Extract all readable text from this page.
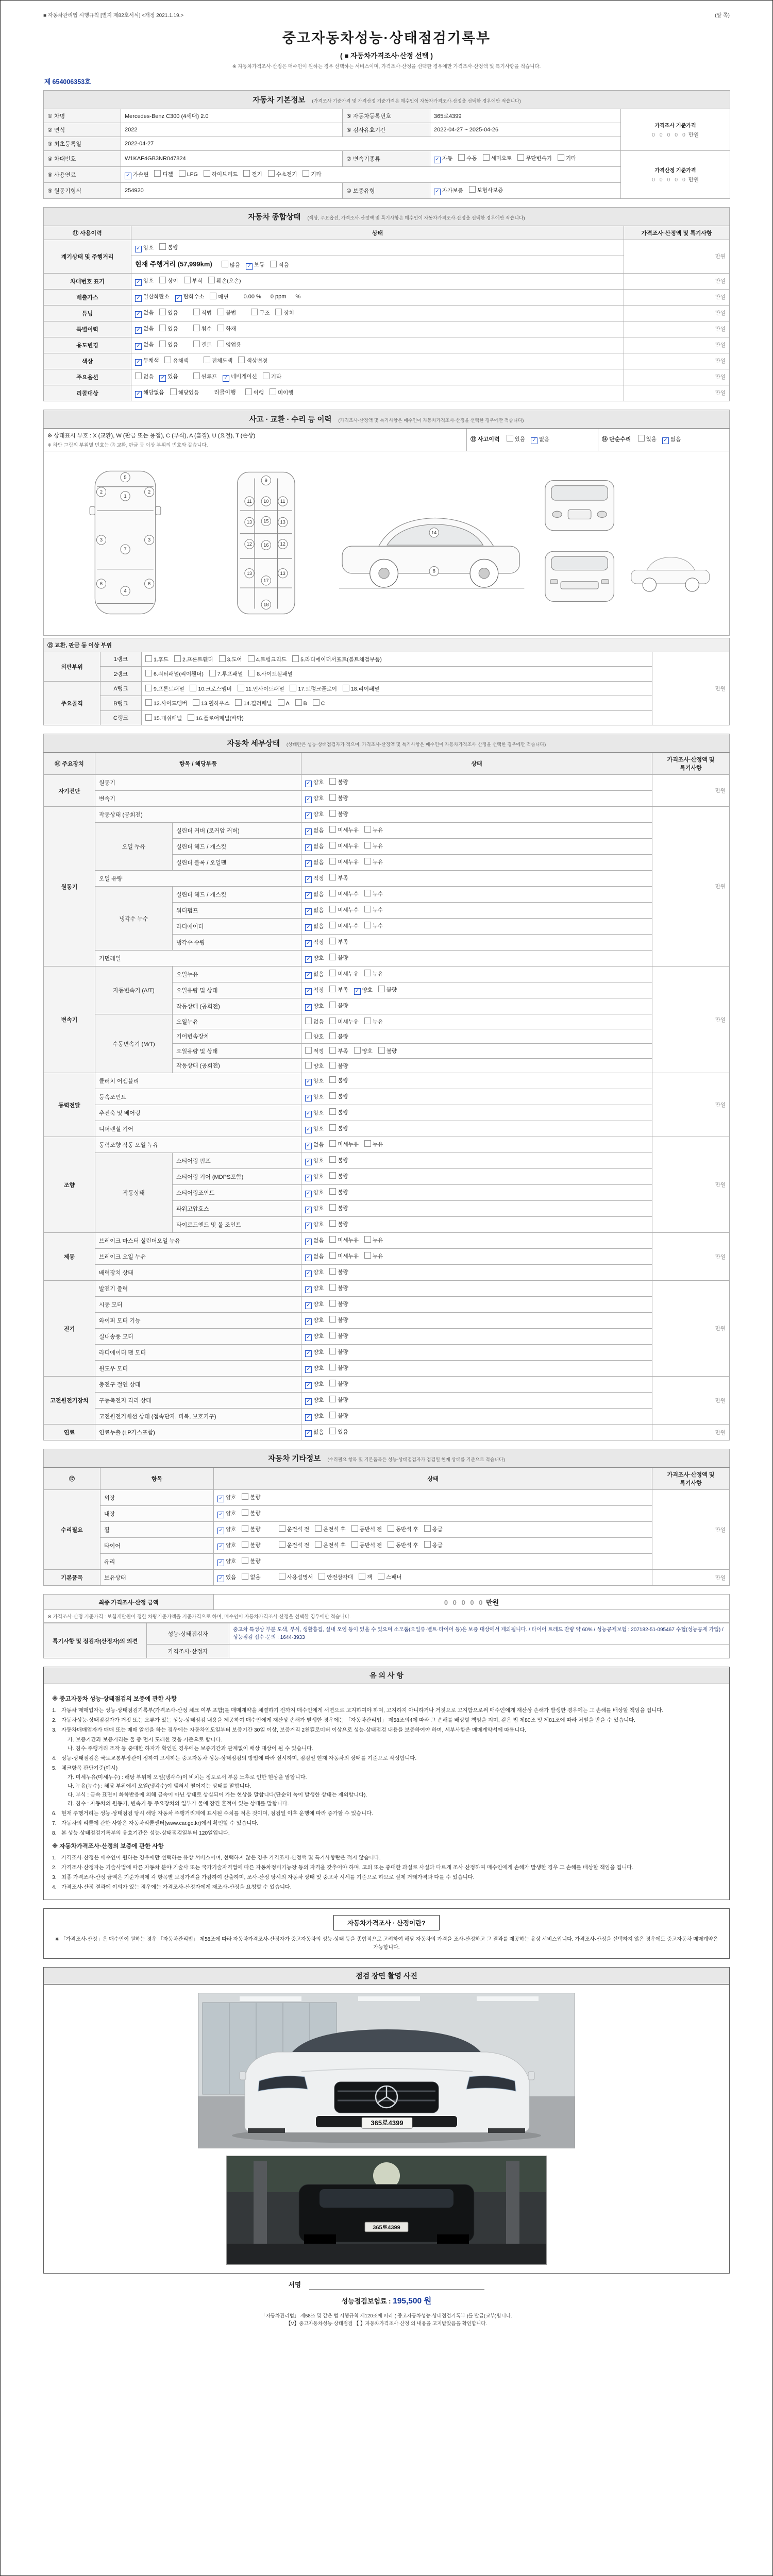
■ 자동차관리법 시행규칙 [별지 제82호서식] <개정 2021.1.19.>	(앞 쪽)
중고자동차성능·상태점검기록부
( ■ 자동차가격조사·산정 선택 )
※ 자동차가격조사·산정은 매수인이 원하는 경우 선택하는 서비스이며, 가격조사·산정을 선택한 경우에만 가격조사·산정액 및 특기사항을 적습니다.
제 654006353호
자동차 기본정보 (가격조사 기준가격 및 가격산정 기준가격은 매수인이 자동차가격조사·산정을 선택한 경우에만 적습니다)				
① 차명	Mercedes-Benz C300 (4세대) 2.0	⑤ 자동차등록번호	365로4399	가격조사 기준가격
0 0 0 0 0 만원

② 연식	2022	⑥ 검사유효기간	2022-04-27 ~ 2025-04-26	
③ 최초등록일	2022-04-27			
④ 차대번호	W1KAF4GB3NR047824	⑦ 변속기종류	✓ 자동 수동 세미오토 무단변속기 기타	가격산정 기준가격
0 0 0 0 0 만원

⑧ 사용연료	✓ 가솔린 디젤 LPG 하이브리드 전기 수소전기 기타			
⑨ 원동기형식	254920	⑩ 보증유형	✓ 자가보증 보험사보증	
자동차 종합상태 (색상, 주요옵션, 가격조사·산정액 및 특기사항은 매수인이 자동차가격조사·산정을 선택한 경우에만 적습니다)		
⑪ 사용이력	상태	가격조사·산정액 및 특기사항
계기상태 및 주행거리	✓ 양호 불량	만원
	현재 주행거리 (57,999km) 많음 ✓ 보통 적음	
차대번호 표기	✓ 양호 상이 부식 훼손(오손)	만원
배출가스	✓ 일산화탄소 ✓ 탄화수소 매연 0.00 % 0 ppm %	만원
튜닝	✓ 없음 있음 적법 불법 구조 장치	만원
특별이력	✓ 없음 있음 침수 화재	만원
용도변경	✓ 없음 있음 렌트 영업용	만원
색상	✓ 무채색 유채색 전체도색 색상변경	만원
주요옵션	없음 ✓ 있음 썬루프 ✓ 네비게이션 기타	만원
리콜대상	✓ 해당없음 해당있음 리콜이행 이행 미이행	만원
사고 · 교환 · 수리 등 이력 (가격조사·산정액 및 특기사항은 매수인이 자동차가격조사·산정을 선택한 경우에만 적습니다)

※ 상태표시 부호 : X (교환), W (판금 또는 용접), C (부식), A (흠집), U (요철), T (손상)
※ 하단 그림의 부위별 번호는 ⑮ 교환, 판금 등 이상 부위의 번호와 같습니다.
	⑬ 사고이력	있음 ✓ 없음	⑭ 단순수리	있음 ✓ 없음

1
2	2
3	3
4
5
6	6
7
8
9
10
11	11
12	12
13	13
13	13
14
15
16
17
18
⑮ 교환, 판금 등 이상 부위			
외판부위	1랭크	1.후드 2.프론트휀더 3.도어 4.트렁크리드 5.라디에이터서포트(볼트체결부품)	만원
	2랭크	6.쿼터패널(리어휀더) 7.루프패널 8.사이드실패널	
주요골격	A랭크	9.프론트패널 10.크로스멤버 11.인사이드패널 17.트렁크플로어 18.리어패널	
	B랭크	12.사이드멤버 13.휠하우스 14.필러패널 A B C	
	C랭크	15.대쉬패널 16.플로어패널(바닥)	
자동차 세부상태 (상태란은 성능·상태점검자가 적으며, 가격조사·산정액 및 특기사항은 매수인이 자동차가격조사·산정을 선택한 경우에만 적습니다)				
⑯ 주요장치	항목 / 해당부품		상태	가격조사·산정액 및 특기사항
자기진단	원동기		✓ 양호 불량	만원
	변속기		✓ 양호 불량	
원동기	작동상태 (공회전)		✓ 양호 불량	만원
	오일 누유	실린더 커버 (로커암 커버)	✓ 없음 미세누유 누유	
		실린더 헤드 / 개스킷	✓ 없음 미세누유 누유	
		실린더 블록 / 오일팬	✓ 없음 미세누유 누유	
	오일 유량		✓ 적정 부족	
	냉각수 누수	실린더 헤드 / 개스킷	✓ 없음 미세누수 누수	
		워터펌프	✓ 없음 미세누수 누수	
		라디에이터	✓ 없음 미세누수 누수	
		냉각수 수량	✓ 적정 부족	
	커먼레일		✓ 양호 불량	
변속기	자동변속기 (A/T)	오일누유	✓ 없음 미세누유 누유	만원
		오일유량 및 상태	✓ 적정 부족 ✓ 양호 불량	
		작동상태 (공회전)	✓ 양호 불량	
	수동변속기 (M/T)	오일누유	없음 미세누유 누유	
		기어변속장치	양호 불량	
		오일유량 및 상태	적정 부족 양호 불량	
		작동상태 (공회전)	양호 불량	
동력전달	클러치 어셈블리		✓ 양호 불량	만원
	등속조인트		✓ 양호 불량	
	추진축 및 베어링		✓ 양호 불량	
	디퍼렌셜 기어		✓ 양호 불량	
조향	동력조향 작동 오일 누유		✓ 없음 미세누유 누유	만원
	작동상태	스티어링 펌프	✓ 양호 불량	
		스티어링 기어 (MDPS포함)	✓ 양호 불량	
		스티어링조인트	✓ 양호 불량	
		파워고압호스	✓ 양호 불량	
		타이로드엔드 및 볼 조인트	✓ 양호 불량	
제동	브레이크 마스터 실린더오일 누유		✓ 없음 미세누유 누유	만원
	브레이크 오일 누유		✓ 없음 미세누유 누유	
	배력장치 상태		✓ 양호 불량	
전기	발전기 출력		✓ 양호 불량	만원
	시동 모터		✓ 양호 불량	
	와이퍼 모터 기능		✓ 양호 불량	
	실내송풍 모터		✓ 양호 불량	
	라디에이터 팬 모터		✓ 양호 불량	
	윈도우 모터		✓ 양호 불량	
고전원전기장치	충전구 절연 상태		✓ 양호 불량	만원
	구동축전지 격리 상태		✓ 양호 불량	
	고전원전기배선 상태 (접속단자, 피복, 보호기구)		✓ 양호 불량	
연료	연료누출 (LP가스포함)		✓ 없음 있음	만원
자동차 기타정보 (수리필요 항목 및 기본품목은 성능·상태점검자가 점검일 현재 상태를 기준으로 적습니다)			
⑰	항목	상태	가격조사·산정액 및 특기사항
수리필요	외장	✓ 양호 불량	만원
	내장	✓ 양호 불량	
	휠	✓ 양호 불량 운전석 전 운전석 후 동반석 전 동반석 후 응급	
	타이어	✓ 양호 불량 운전석 전 운전석 후 동반석 전 동반석 후 응급	
	유리	✓ 양호 불량	
기본품목	보유상태	✓ 있음 없음 사용설명서 안전삼각대 잭 스패너	만원
최종 가격조사·산정 금액	0 0 0 0 0 만원
※ 가격조사·산정 기준가격 : 보험개발원이 정한 차량기준가액을 기준가격으로 하며, 매수인이 자동차가격조사·산정을 선택한 경우에만 적습니다.
특기사항 및 점검자(산정자)의 의견	성능·상태점검자	중고차 특성상 부분 도색, 부식, 생활흠집, 실내 오염 등이 있을 수 있으며 소모품(오일류·벨트·타이어 등)은 보증 대상에서 제외됩니다. / 타이어 트레드 잔량 약 60% / 성능공제보험 : 207182-51-095467 수협(성능공제 가입) / 성능점검 접수·문의 : 1644-3933
	가격조사·산정자	
유 의 사 항
※ 중고자동차 성능·상태점검의 보증에 관한 사항
1. 자동차 매매업자는 성능·상태점검기록부(가격조사·산정 체크 여부 포함)를 매매계약을 체결하기 전까지 매수인에게 서면으로 고지하여야 하며, 고지하지 아니하거나 거짓으로 고지함으로써 매수인에게 재산상 손해가 발생한 경우에는 그 손해를 배상할 책임을 집니다.
2. 자동차성능·상태점검자가 거짓 또는 오류가 있는 성능·상태점검 내용을 제공하여 매수인에게 재산상 손해가 발생한 경우에는 「자동차관리법」 제58조의4에 따라 그 손해를 배상할 책임을 지며, 같은 법 제80조 및 제81조에 따라 처벌을 받을 수 있습니다.
3. 자동차매매업자가 매매 또는 매매 알선을 하는 경우에는 자동차인도일부터 보증기간 30일 이상, 보증거리 2천킬로미터 이상으로 성능·상태점검 내용을 보증하여야 하며, 세부사항은 매매계약서에 따릅니다.
가. 보증기간과 보증거리는 둘 중 먼저 도래한 것을 기준으로 합니다.
나. 침수·주행거리 조작 등 중대한 하자가 확인된 경우에는 보증기간과 관계없이 배상 대상이 될 수 있습니다.
4. 성능·상태점검은 국토교통부장관이 정하여 고시하는 중고자동차 성능·상태점검의 방법에 따라 실시하며, 점검일 현재 자동차의 상태를 기준으로 작성합니다.
5. 체크항목 판단기준(예시)
가. 미세누유(미세누수) : 해당 부위에 오일(냉각수)이 비치는 정도로서 부품 노후로 인한 현상을 말합니다.
나. 누유(누수) : 해당 부위에서 오일(냉각수)이 맺혀서 떨어지는 상태를 말합니다.
다. 부식 : 금속 표면이 화학반응에 의해 금속이 아닌 상태로 상실되어 가는 현상을 말합니다(단순히 녹이 발생한 상태는 제외합니다).
라. 침수 : 자동차의 원동기, 변속기 등 주요장치의 일부가 물에 잠긴 흔적이 있는 상태를 말합니다.
6. 현재 주행거리는 성능·상태점검 당시 해당 자동차 주행거리계에 표시된 수치를 적은 것이며, 점검일 이후 운행에 따라 증가할 수 있습니다.
7. 자동차의 리콜에 관한 사항은 자동차리콜센터(www.car.go.kr)에서 확인할 수 있습니다.
8. 본 성능·상태점검기록부의 유효기간은 성능·상태점검일부터 120일입니다.
※ 자동차가격조사·산정의 보증에 관한 사항
1. 가격조사·산정은 매수인이 원하는 경우에만 선택하는 유상 서비스이며, 선택하지 않은 경우 가격조사·산정액 및 특기사항란은 적지 않습니다.
2. 가격조사·산정자는 기술사법에 따른 자동차 분야 기술사 또는 국가기술자격법에 따른 자동차정비기능장 등의 자격을 갖추어야 하며, 고의 또는 중대한 과실로 사실과 다르게 조사·산정하여 매수인에게 손해가 발생한 경우 그 손해를 배상할 책임을 집니다.
3. 최종 가격조사·산정 금액은 기준가격에 각 항목별 보정가격을 가감하여 산출하며, 조사·산정 당시의 자동차 상태 및 중고차 시세를 기준으로 하므로 실제 거래가격과 다를 수 있습니다.
4. 가격조사·산정 결과에 이의가 있는 경우에는 가격조사·산정자에게 재조사·산정을 요청할 수 있습니다.
자동차가격조사 · 산정이란?
※ 「가격조사·산정」은 매수인이 원하는 경우 「자동차관리법」 제58조에 따라 자동차가격조사·산정자가 중고자동차의 성능·상태 등을 종합적으로 고려하여 해당 자동차의 가격을 조사·산정하고 그 결과를 제공하는 유상 서비스입니다. 가격조사·산정을 선택하지 않은 경우에도 중고자동차 매매계약은 가능합니다.
점검 장면 촬영 사진
365로4399
365로4399
서명
성능점검보험료 : 195,500 원
「자동차관리법」 제58조 및 같은 법 시행규칙 제120조에 따라 ( 중고자동차성능·상태점검기록부 )를 발급(교부)합니다.
【V】중고자동차성능·상태점검 【 】자동차가격조사·산정 의 내용을 고지받았음을 확인합니다.
